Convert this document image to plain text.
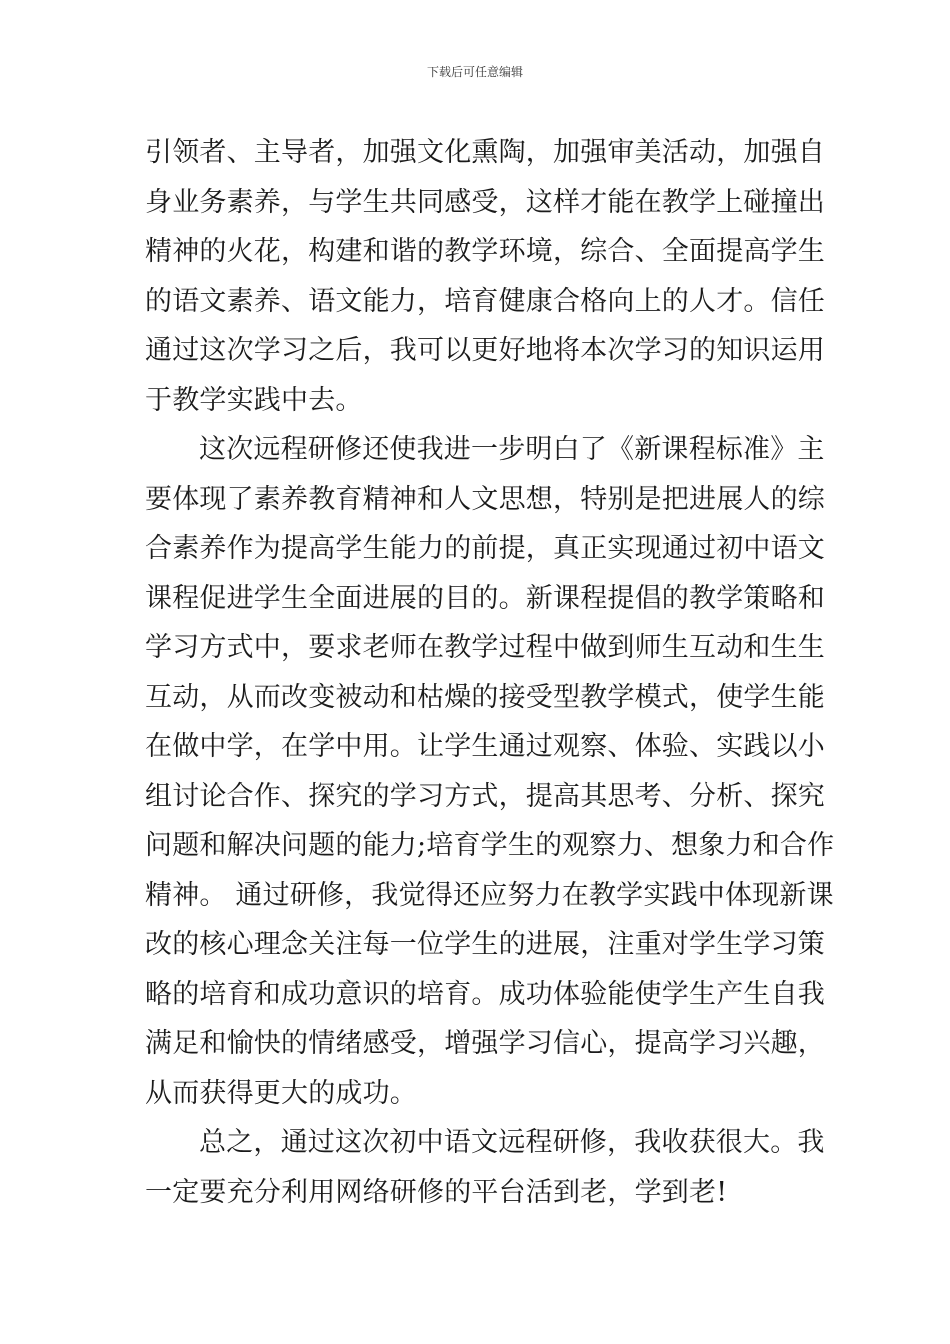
下载后可任意编辑
引领者、主导者，加强文化熏陶，加强审美活动，加强自
身业务素养，与学生共同感受，这样才能在教学上碰撞出
精神的火花，构建和谐的教学环境，综合、全面提高学生
的语文素养、语文能力，培育健康合格向上的人才。信任
通过这次学习之后，我可以更好地将本次学习的知识运用
于教学实践中去。
这次远程研修还使我进一步明白了《新课程标准》主
要体现了素养教育精神和人文思想，特别是把进展人的综
合素养作为提高学生能力的前提，真正实现通过初中语文
课程促进学生全面进展的目的。新课程提倡的教学策略和
学习方式中，要求老师在教学过程中做到师生互动和生生
互动，从而改变被动和枯燥的接受型教学模式，使学生能
在做中学，在学中用。让学生通过观察、体验、实践以小
组讨论合作、探究的学习方式，提高其思考、分析、探究
问题和解决问题的能力;培育学生的观察力、想象力和合作
精神。 通过研修，我觉得还应努力在教学实践中体现新课
改的核心理念关注每一位学生的进展，注重对学生学习策
略的培育和成功意识的培育。成功体验能使学生产生自我
满足和愉快的情绪感受，增强学习信心，提高学习兴趣，
从而获得更大的成功。
总之，通过这次初中语文远程研修，我收获很大。我
一定要充分利用网络研修的平台活到老，学到老!
